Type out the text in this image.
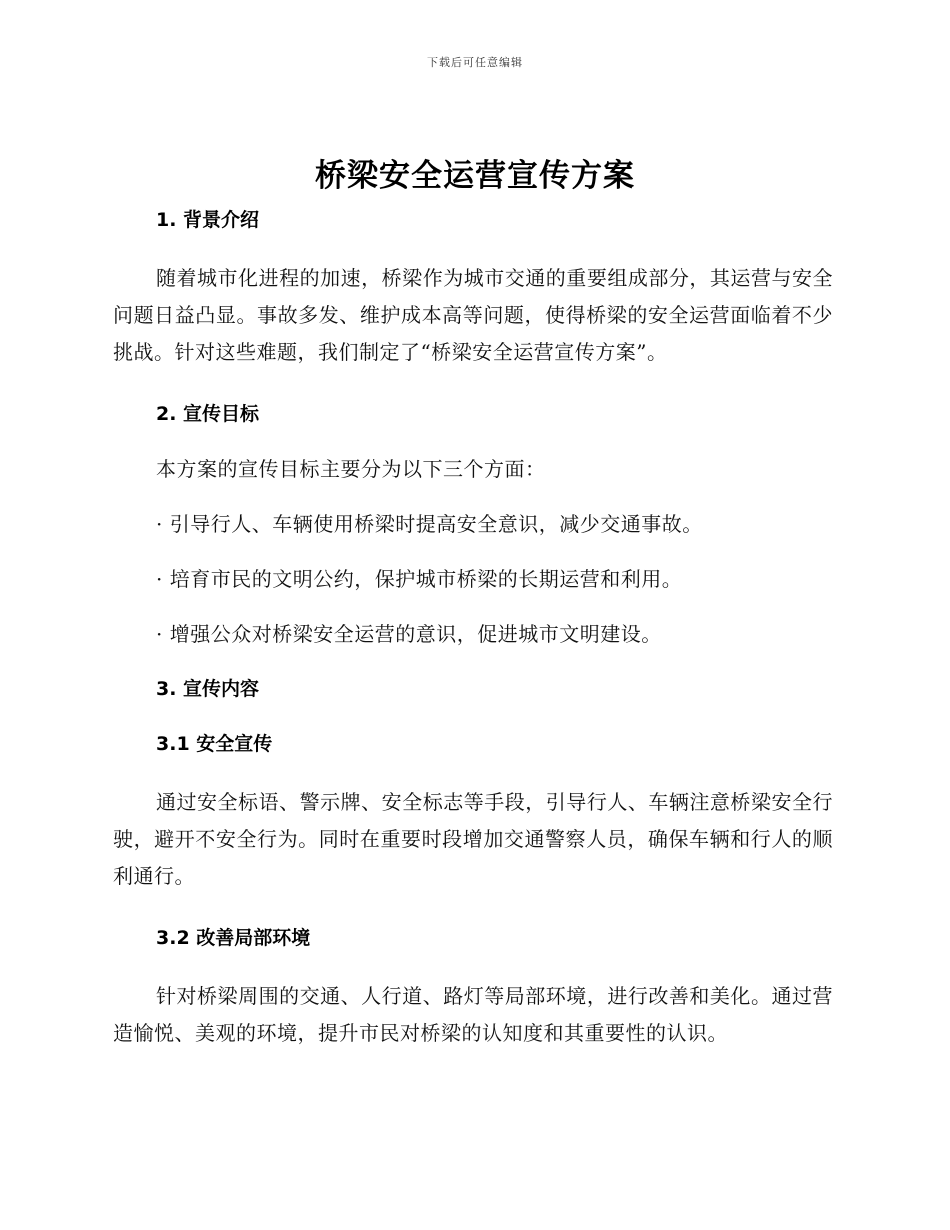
下载后可任意编辑
桥梁安全运营宣传方案

1. 背景介绍

随着城市化进程的加速，桥梁作为城市交通的重要组成部分，其运营与安全问题日益凸显。事故多发、维护成本高等问题，使得桥梁的安全运营面临着不少挑战。针对这些难题，我们制定了“桥梁安全运营宣传方案”。

2. 宣传目标

本方案的宣传目标主要分为以下三个方面：

· 引导行人、车辆使用桥梁时提高安全意识，减少交通事故。

· 培育市民的文明公约，保护城市桥梁的长期运营和利用。

· 增强公众对桥梁安全运营的意识，促进城市文明建设。

3. 宣传内容

3.1 安全宣传

通过安全标语、警示牌、安全标志等手段，引导行人、车辆注意桥梁安全行驶，避开不安全行为。同时在重要时段增加交通警察人员，确保车辆和行人的顺利通行。

3.2 改善局部环境

针对桥梁周围的交通、人行道、路灯等局部环境，进行改善和美化。通过营造愉悦、美观的环境，提升市民对桥梁的认知度和其重要性的认识。
